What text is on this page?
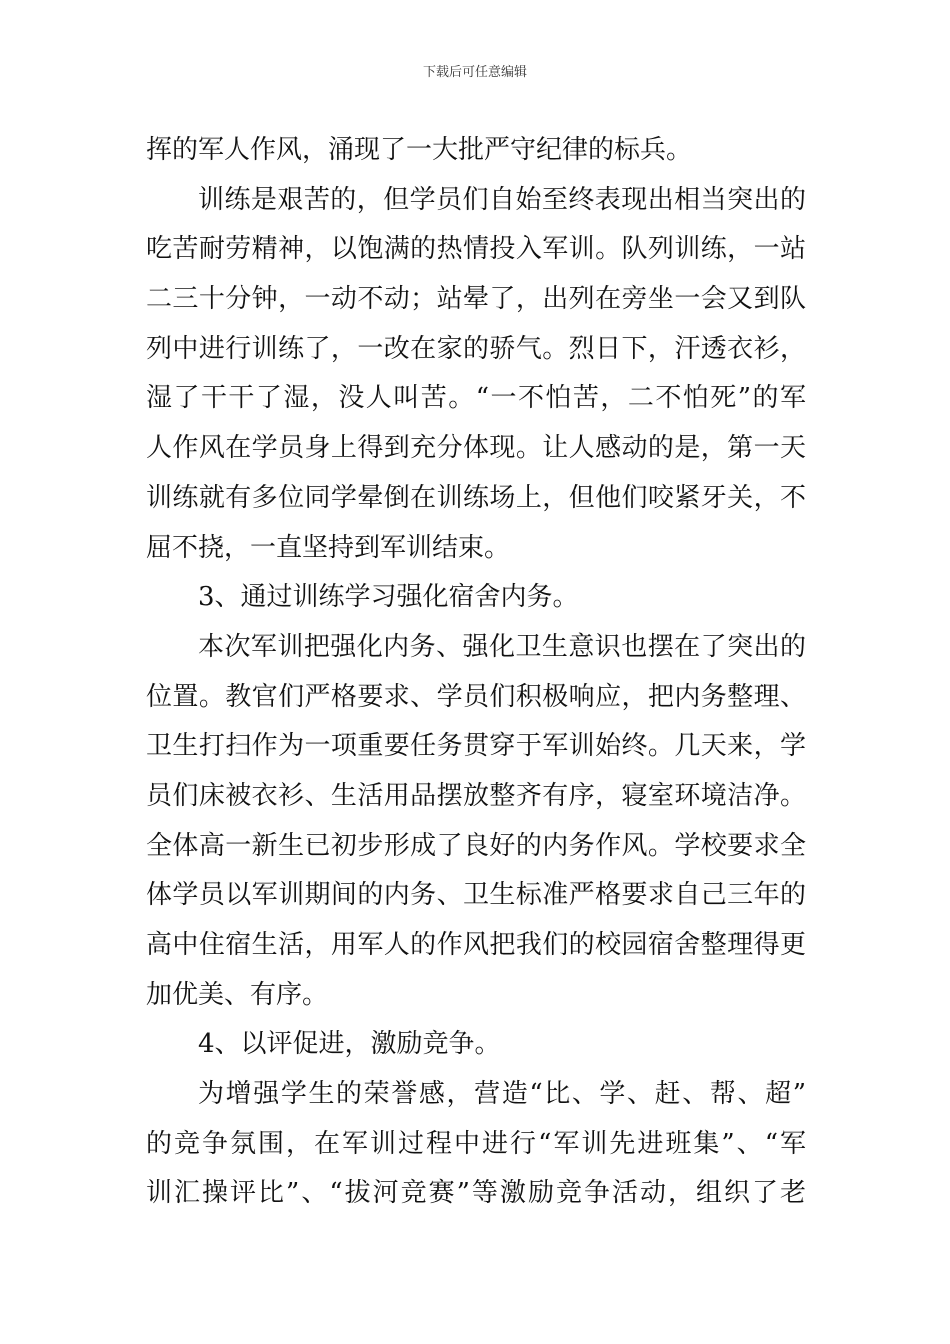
下载后可任意编辑
挥的军人作风，涌现了一大批严守纪律的标兵。
训练是艰苦的，但学员们自始至终表现出相当突出的
吃苦耐劳精神，以饱满的热情投入军训。队列训练，一站
二三十分钟，一动不动；站晕了，出列在旁坐一会又到队
列中进行训练了，一改在家的骄气。烈日下，汗透衣衫，
湿了干干了湿，没人叫苦。“一不怕苦，二不怕死”的军
人作风在学员身上得到充分体现。让人感动的是，第一天
训练就有多位同学晕倒在训练场上，但他们咬紧牙关，不
屈不挠，一直坚持到军训结束。
3、通过训练学习强化宿舍内务。
本次军训把强化内务、强化卫生意识也摆在了突出的
位置。教官们严格要求、学员们积极响应，把内务整理、
卫生打扫作为一项重要任务贯穿于军训始终。几天来，学
员们床被衣衫、生活用品摆放整齐有序，寝室环境洁净。
全体高一新生已初步形成了良好的内务作风。学校要求全
体学员以军训期间的内务、卫生标准严格要求自己三年的
高中住宿生活，用军人的作风把我们的校园宿舍整理得更
加优美、有序。
4、以评促进，激励竞争。
为增强学生的荣誉感，营造“比、学、赶、帮、超”
的竞争氛围，在军训过程中进行“军训先进班集”、“军
训汇操评比”、“拔河竞赛”等激励竞争活动，组织了老
